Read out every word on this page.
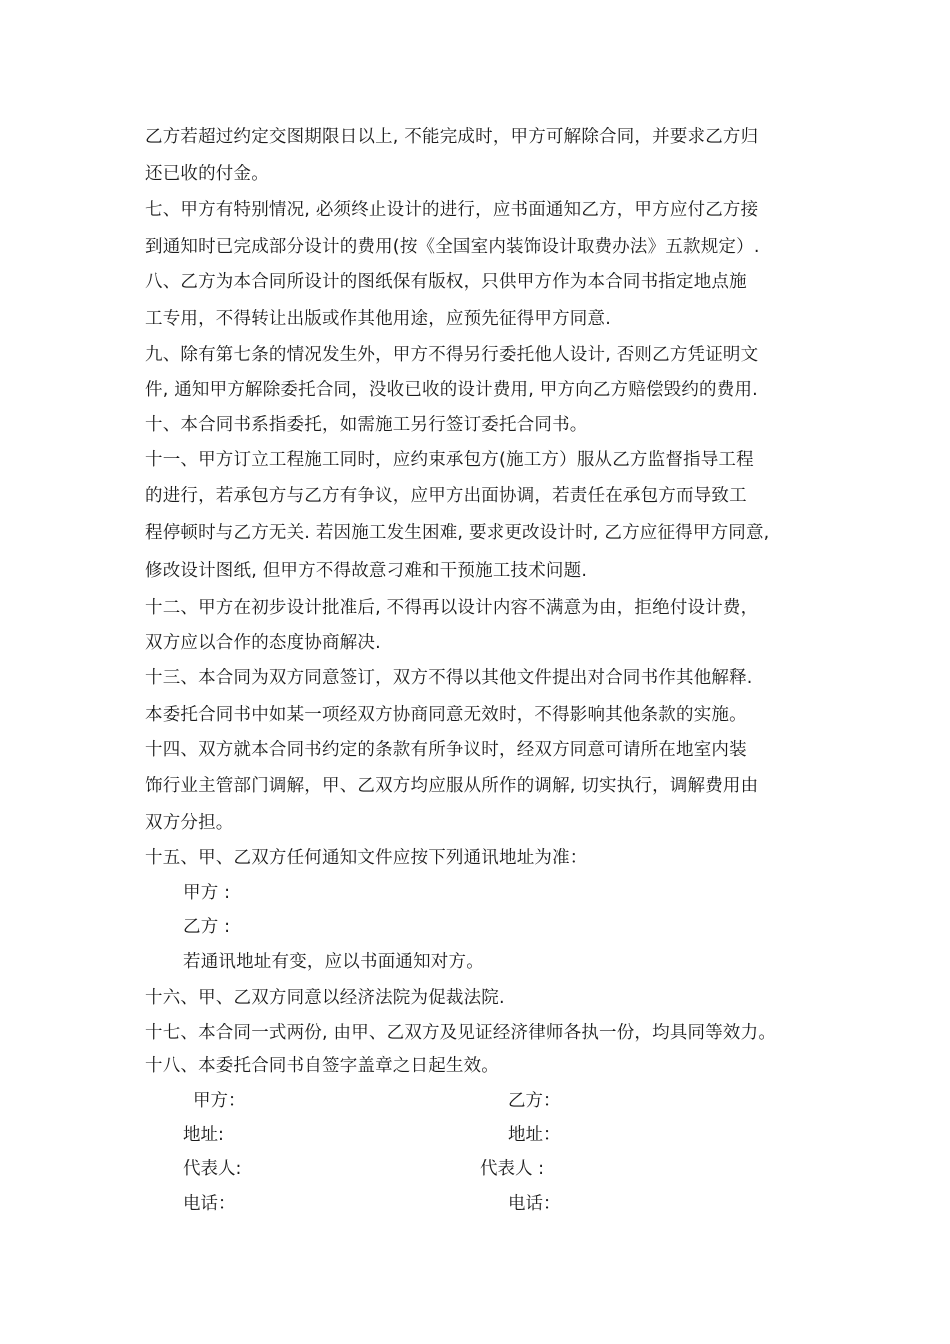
乙方若超过约定交图期限日以上, 不能完成时，甲方可解除合同，并要求乙方归
还已收的付金。
七、甲方有特别情况, 必须终止设计的进行，应书面通知乙方，甲方应付乙方接
到通知时已完成部分设计的费用(按《全国室内装饰设计取费办法》五款规定）.
八、乙方为本合同所设计的图纸保有版权，只供甲方作为本合同书指定地点施
工专用，不得转让出版或作其他用途，应预先征得甲方同意.
九、除有第七条的情况发生外，甲方不得另行委托他人设计, 否则乙方凭证明文
件, 通知甲方解除委托合同，没收已收的设计费用, 甲方向乙方赔偿毁约的费用.
十、本合同书系指委托，如需施工另行签订委托合同书。
十一、甲方订立工程施工同时，应约束承包方(施工方）服从乙方监督指导工程
的进行，若承包方与乙方有争议，应甲方出面协调，若责任在承包方而导致工
程停顿时与乙方无关. 若因施工发生困难, 要求更改设计时, 乙方应征得甲方同意,
修改设计图纸, 但甲方不得故意刁难和干预施工技术问题.
十二、甲方在初步设计批准后, 不得再以设计内容不满意为由，拒绝付设计费，
双方应以合作的态度协商解决.
十三、本合同为双方同意签订，双方不得以其他文件提出对合同书作其他解释.
本委托合同书中如某一项经双方协商同意无效时，不得影响其他条款的实施。
十四、双方就本合同书约定的条款有所争议时，经双方同意可请所在地室内装
饰行业主管部门调解，甲、乙双方均应服从所作的调解, 切实执行，调解费用由
双方分担。
十五、甲、乙双方任何通知文件应按下列通讯地址为准：
甲方 :
乙方 :
若通讯地址有变，应以书面通知对方。
十六、甲、乙双方同意以经济法院为促裁法院.
十七、本合同一式两份, 由甲、乙双方及见证经济律师各执一份，均具同等效力。
十八、本委托合同书自签字盖章之日起生效。
甲方：	乙方：
地址:	地址：
代表人:	代表人 :
电话：	电话：
